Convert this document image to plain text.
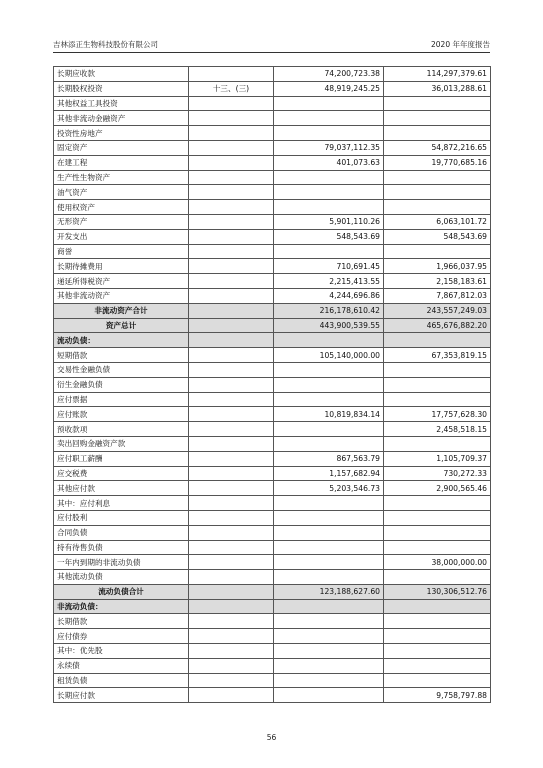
吉林添正生物科技股份有限公司	2020 年年度报告
长期应收款		74,200,723.38	114,297,379.61
长期股权投资	十三、(三)	48,919,245.25	36,013,288.61
其他权益工具投资			
其他非流动金融资产			
投资性房地产			
固定资产		79,037,112.35	54,872,216.65
在建工程		401,073.63	19,770,685.16
生产性生物资产			
油气资产			
使用权资产			
无形资产		5,901,110.26	6,063,101.72
开发支出		548,543.69	548,543.69
商誉			
长期待摊费用		710,691.45	1,966,037.95
递延所得税资产		2,215,413.55	2,158,183.61
其他非流动资产		4,244,696.86	7,867,812.03
非流动资产合计		216,178,610.42	243,557,249.03
资产总计		443,900,539.55	465,676,882.20
流动负债：			
短期借款		105,140,000.00	67,353,819.15
交易性金融负债			
衍生金融负债			
应付票据			
应付账款		10,819,834.14	17,757,628.30
预收款项			2,458,518.15
卖出回购金融资产款			
应付职工薪酬		867,563.79	1,105,709.37
应交税费		1,157,682.94	730,272.33
其他应付款		5,203,546.73	2,900,565.46
其中：应付利息			
应付股利			
合同负债			
持有待售负债			
一年内到期的非流动负债			38,000,000.00
其他流动负债			
流动负债合计		123,188,627.60	130,306,512.76
非流动负债：			
长期借款			
应付债券			
其中：优先股			
永续债			
租赁负债			
长期应付款			9,758,797.88
56
